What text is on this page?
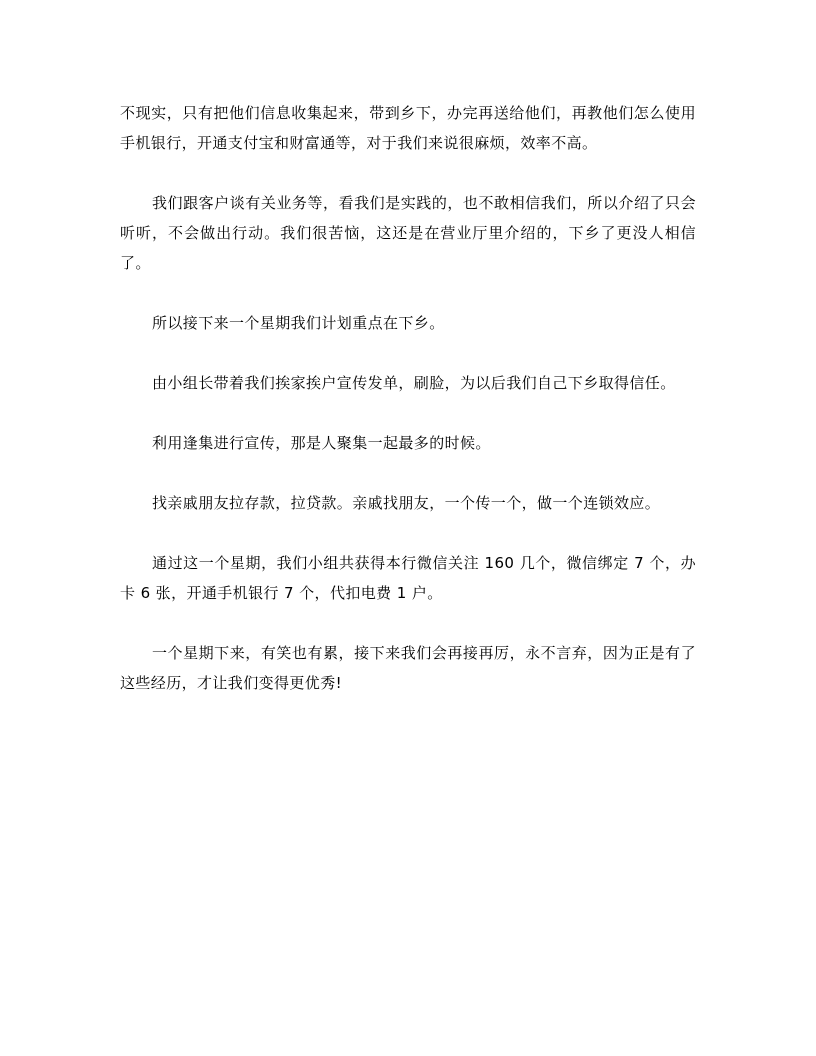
不现实，只有把他们信息收集起来，带到乡下，办完再送给他们，再教他们怎么使用手机银行，开通支付宝和财富通等，对于我们来说很麻烦，效率不高。

我们跟客户谈有关业务等，看我们是实践的，也不敢相信我们，所以介绍了只会听听，不会做出行动。我们很苦恼，这还是在营业厅里介绍的，下乡了更没人相信了。

所以接下来一个星期我们计划重点在下乡。

由小组长带着我们挨家挨户宣传发单，刷脸，为以后我们自己下乡取得信任。

利用逢集进行宣传，那是人聚集一起最多的时候。

找亲戚朋友拉存款，拉贷款。亲戚找朋友，一个传一个，做一个连锁效应。

通过这一个星期，我们小组共获得本行微信关注 160 几个，微信绑定 7 个，办卡 6 张，开通手机银行 7 个，代扣电费 1 户。

一个星期下来，有笑也有累，接下来我们会再接再厉，永不言弃，因为正是有了这些经历，才让我们变得更优秀!
